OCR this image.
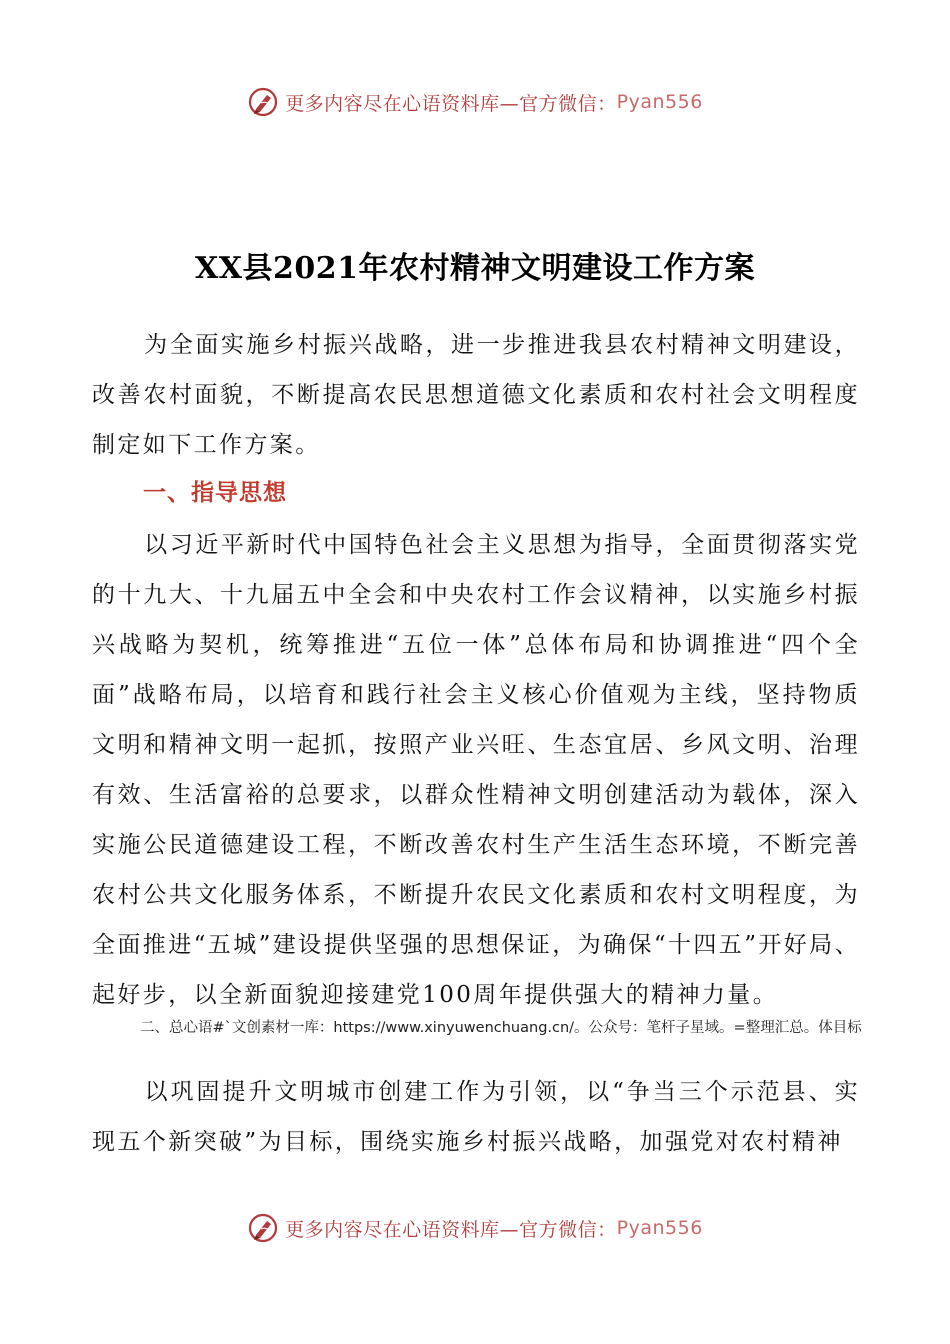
更多内容尽在心语资料库—官方微信： Pyan556
XX县2021年农村精神文明建设工作方案

为全面实施乡村振兴战略，进一步推进我县农村精神文明建设，改善农村面貌，不断提高农民思想道德文化素质和农村社会文明程度制定如下工作方案。

一、指导思想

以习近平新时代中国特色社会主义思想为指导，全面贯彻落实党的十九大、十九届五中全会和中央农村工作会议精神，以实施乡村振兴战略为契机，统筹推进“五位一体”总体布局和协调推进“四个全面”战略布局，以培育和践行社会主义核心价值观为主线，坚持物质文明和精神文明一起抓，按照产业兴旺、生态宜居、乡风文明、治理有效、生活富裕的总要求，以群众性精神文明创建活动为载体，深入实施公民道德建设工程，不断改善农村生产生活生态环境，不断完善农村公共文化服务体系，不断提升农民文化素质和农村文明程度，为全面推进“五城”建设提供坚强的思想保证，为确保“十四五”开好局、起好步，以全新面貌迎接建党100周年提供强大的精神力量。

二、总心语#`文创素材一库：https://www.xinyuwenchuang.cn/。公众号：笔杆子星域。=整理汇总。体目标

以巩固提升文明城市创建工作为引领，以“争当三个示范县、实现五个新突破”为目标，围绕实施乡村振兴战略，加强党对农村精神

更多内容尽在心语资料库—官方微信： Pyan556
